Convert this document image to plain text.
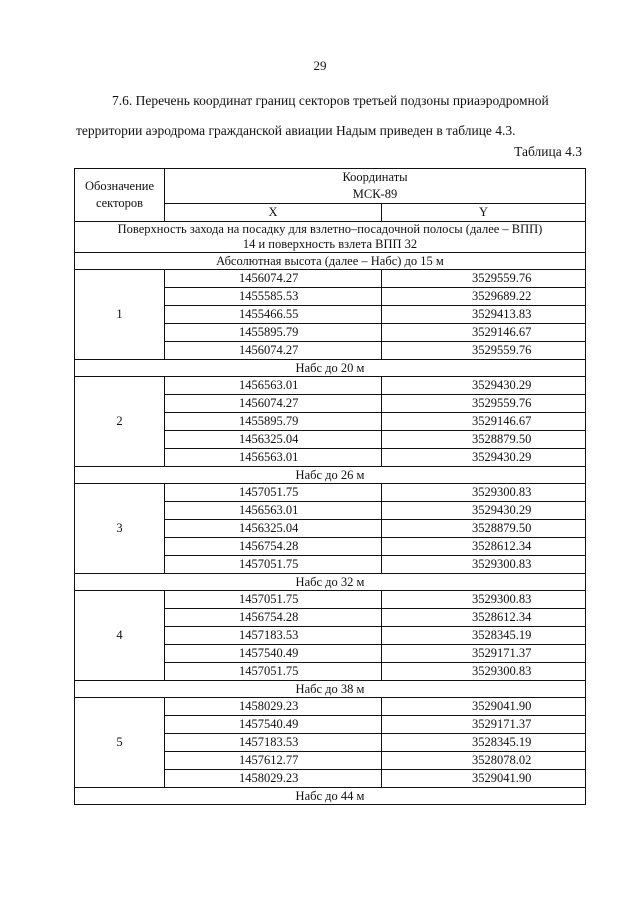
29
7.6. Перечень координат границ секторов третьей подзоны приаэродромной
территории аэродрома гражданской авиации Надым приведен в таблице 4.3.
Таблица 4.3
Обозначение секторов	Координаты
МСК-89	

	X	Y

Поверхность захода на посадку для взлетно–посадочной полосы (далее – ВПП)
14 и поверхность взлета ВПП 32		

Абсолютная высота (далее – Набс) до 15 м		
1	1456074.27	3529559.76
	1455585.53	3529689.22
	1455466.55	3529413.83
	1455895.79	3529146.67
	1456074.27	3529559.76
Набс до 20 м		
2	1456563.01	3529430.29
	1456074.27	3529559.76
	1455895.79	3529146.67
	1456325.04	3528879.50
	1456563.01	3529430.29
Набс до 26 м		
3	1457051.75	3529300.83
	1456563.01	3529430.29
	1456325.04	3528879.50
	1456754.28	3528612.34
	1457051.75	3529300.83
Набс до 32 м		
4	1457051.75	3529300.83
	1456754.28	3528612.34
	1457183.53	3528345.19
	1457540.49	3529171.37
	1457051.75	3529300.83
Набс до 38 м		
5	1458029.23	3529041.90
	1457540.49	3529171.37
	1457183.53	3528345.19
	1457612.77	3528078.02
	1458029.23	3529041.90
Набс до 44 м		
